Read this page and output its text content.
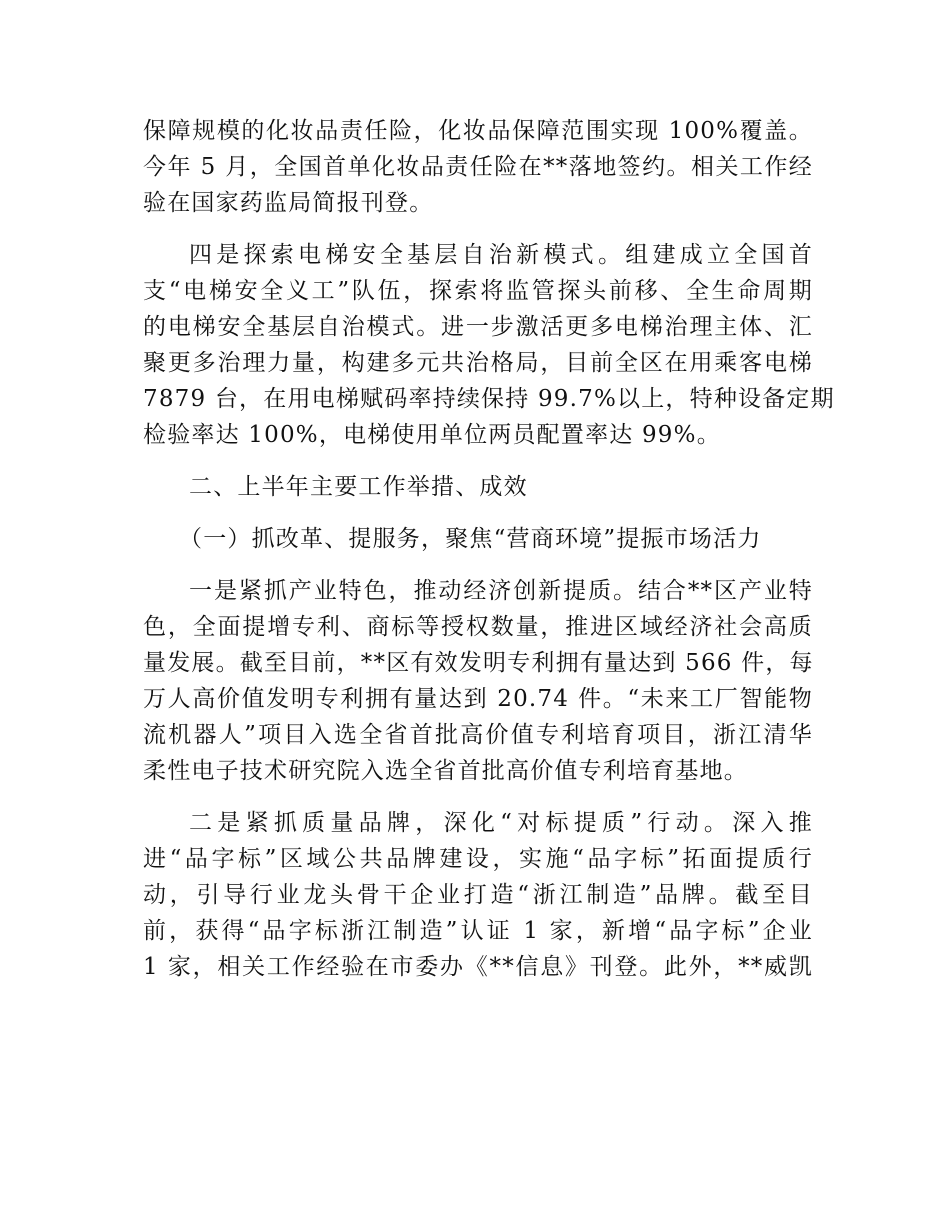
保障规模的化妆品责任险，化妆品保障范围实现 100%覆盖。
今年 5 月，全国首单化妆品责任险在**落地签约。相关工作经
验在国家药监局简报刊登。
四是探索电梯安全基层自治新模式。组建成立全国首
支“电梯安全义工”队伍，探索将监管探头前移、全生命周期
的电梯安全基层自治模式。进一步激活更多电梯治理主体、汇
聚更多治理力量，构建多元共治格局，目前全区在用乘客电梯
7879 台，在用电梯赋码率持续保持 99.7%以上，特种设备定期
检验率达 100%，电梯使用单位两员配置率达 99%。
二、上半年主要工作举措、成效
（一）抓改革、提服务，聚焦“营商环境”提振市场活力
一是紧抓产业特色，推动经济创新提质。结合**区产业特
色，全面提增专利、商标等授权数量，推进区域经济社会高质
量发展。截至目前，**区有效发明专利拥有量达到 566 件，每
万人高价值发明专利拥有量达到 20.74 件。“未来工厂智能物
流机器人”项目入选全省首批高价值专利培育项目，浙江清华
柔性电子技术研究院入选全省首批高价值专利培育基地。
二是紧抓质量品牌，深化“对标提质”行动。深入推
进“品字标”区域公共品牌建设，实施“品字标”拓面提质行
动，引导行业龙头骨干企业打造“浙江制造”品牌。截至目
前，获得“品字标浙江制造”认证 1 家，新增“品字标”企业
1 家，相关工作经验在市委办《**信息》刊登。此外，**威凯
